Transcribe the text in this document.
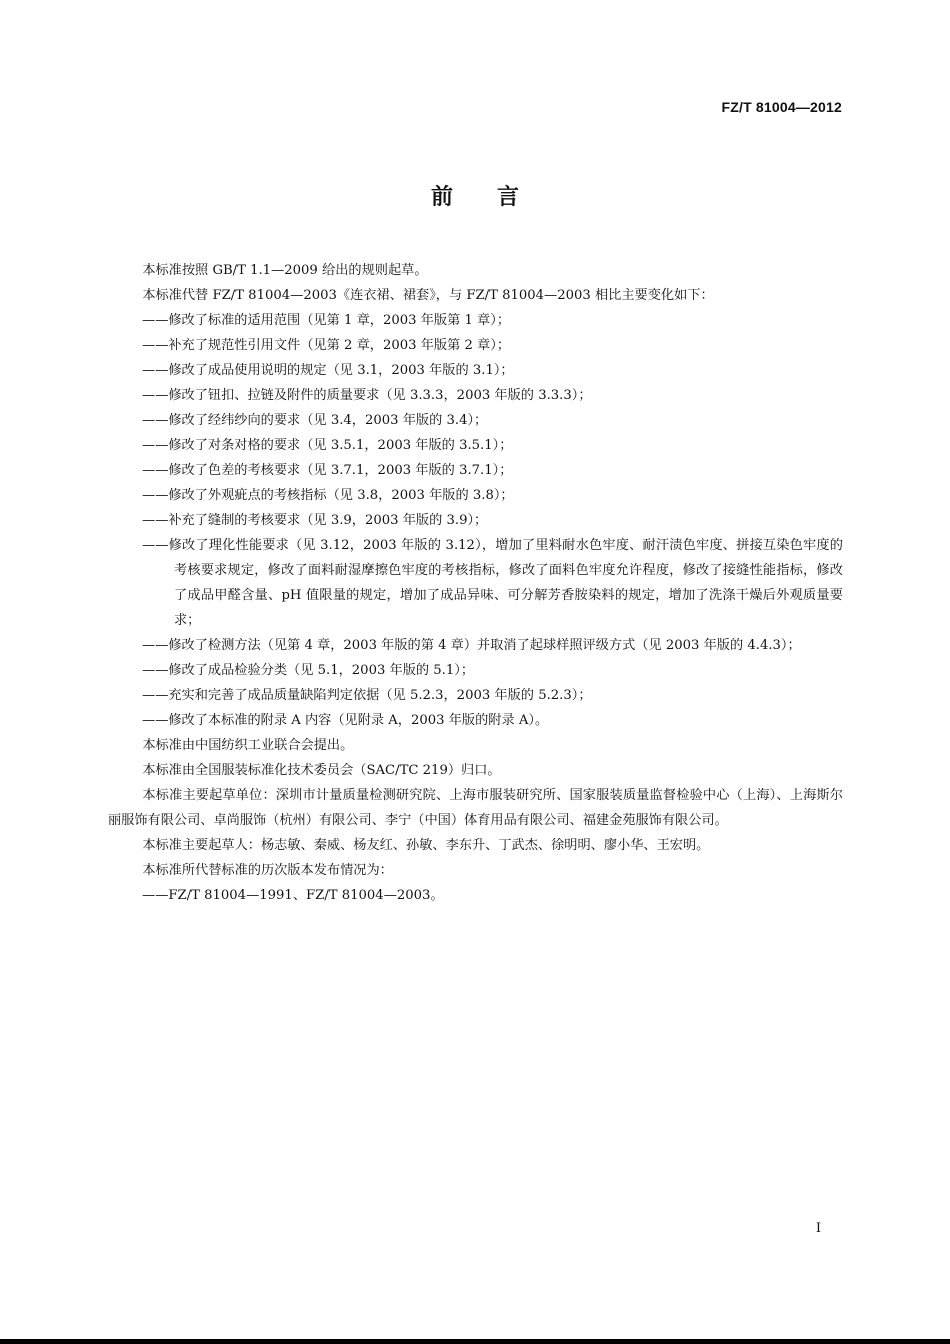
FZ/T 81004—2012
前　　言

本标准按照 GB/T 1.1—2009 给出的规则起草。

本标准代替 FZ/T 81004—2003《连衣裙、裙套》，与 FZ/T 81004—2003 相比主要变化如下：

——修改了标准的适用范围（见第 1 章，2003 年版第 1 章）；

——补充了规范性引用文件（见第 2 章，2003 年版第 2 章）；

——修改了成品使用说明的规定（见 3.1，2003 年版的 3.1）；

——修改了钮扣、拉链及附件的质量要求（见 3.3.3，2003 年版的 3.3.3）；

——修改了经纬纱向的要求（见 3.4，2003 年版的 3.4）；

——修改了对条对格的要求（见 3.5.1，2003 年版的 3.5.1）；

——修改了色差的考核要求（见 3.7.1，2003 年版的 3.7.1）；

——修改了外观疵点的考核指标（见 3.8，2003 年版的 3.8）；

——补充了缝制的考核要求（见 3.9，2003 年版的 3.9）；

——修改了理化性能要求（见 3.12，2003 年版的 3.12），增加了里料耐水色牢度、耐汗渍色牢度、拼接互染色牢度的考核要求规定，修改了面料耐湿摩擦色牢度的考核指标，修改了面料色牢度允许程度，修改了接缝性能指标，修改了成品甲醛含量、pH 值限量的规定，增加了成品异味、可分解芳香胺染料的规定，增加了洗涤干燥后外观质量要求；

——修改了检测方法（见第 4 章，2003 年版的第 4 章）并取消了起球样照评级方式（见 2003 年版的 4.4.3）；

——修改了成品检验分类（见 5.1，2003 年版的 5.1）；

——充实和完善了成品质量缺陷判定依据（见 5.2.3，2003 年版的 5.2.3）；

——修改了本标准的附录 A 内容（见附录 A，2003 年版的附录 A）。

本标准由中国纺织工业联合会提出。

本标准由全国服装标准化技术委员会（SAC/TC 219）归口。

本标准主要起草单位：深圳市计量质量检测研究院、上海市服装研究所、国家服装质量监督检验中心（上海）、上海斯尔丽服饰有限公司、卓尚服饰（杭州）有限公司、李宁（中国）体育用品有限公司、福建金苑服饰有限公司。

本标准主要起草人：杨志敏、秦威、杨友红、孙敏、李东升、丁武杰、徐明明、廖小华、王宏明。

本标准所代替标准的历次版本发布情况为：

——FZ/T 81004—1991、FZ/T 81004—2003。

I
